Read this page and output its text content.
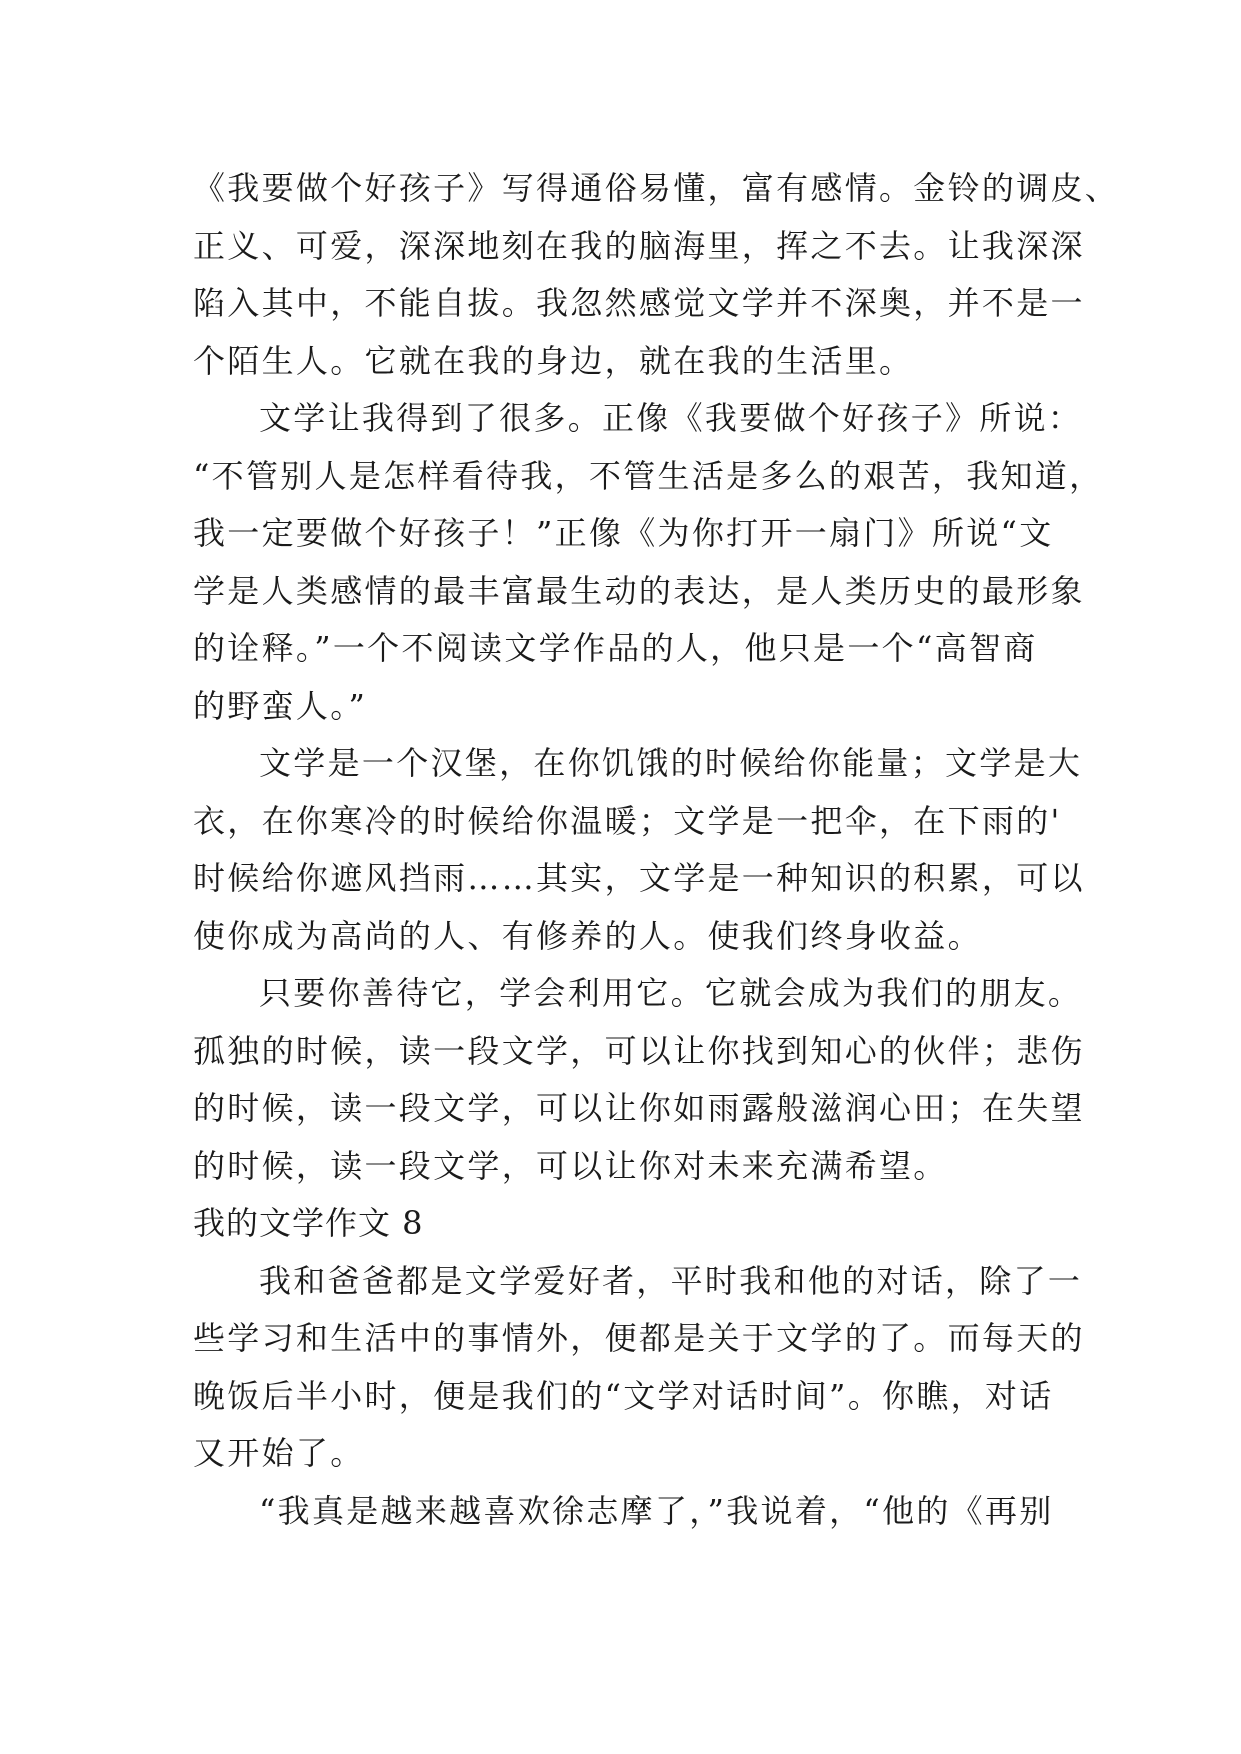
《我要做个好孩子》写得通俗易懂，富有感情。金铃的调皮、
正义、可爱，深深地刻在我的脑海里，挥之不去。让我深深
陷入其中，不能自拔。我忽然感觉文学并不深奥，并不是一
个陌生人。它就在我的身边，就在我的生活里。
文学让我得到了很多。正像《我要做个好孩子》所说：
“不管别人是怎样看待我，不管生活是多么的艰苦，我知道，
我一定要做个好孩子！”正像《为你打开一扇门》所说“文
学是人类感情的最丰富最生动的表达，是人类历史的最形象
的诠释。”一个不阅读文学作品的人，他只是一个“高智商
的野蛮人。”
文学是一个汉堡，在你饥饿的时候给你能量；文学是大
衣，在你寒冷的时候给你温暖；文学是一把伞，在下雨的'
时候给你遮风挡雨……其实，文学是一种知识的积累，可以
使你成为高尚的人、有修养的人。使我们终身收益。
只要你善待它，学会利用它。它就会成为我们的朋友。
孤独的时候，读一段文学，可以让你找到知心的伙伴；悲伤
的时候，读一段文学，可以让你如雨露般滋润心田；在失望
的时候，读一段文学，可以让你对未来充满希望。
我的文学作文 8
我和爸爸都是文学爱好者，平时我和他的对话，除了一
些学习和生活中的事情外，便都是关于文学的了。而每天的
晚饭后半小时，便是我们的“文学对话时间”。你瞧，对话
又开始了。
“我真是越来越喜欢徐志摩了，”我说着，“他的《再别
